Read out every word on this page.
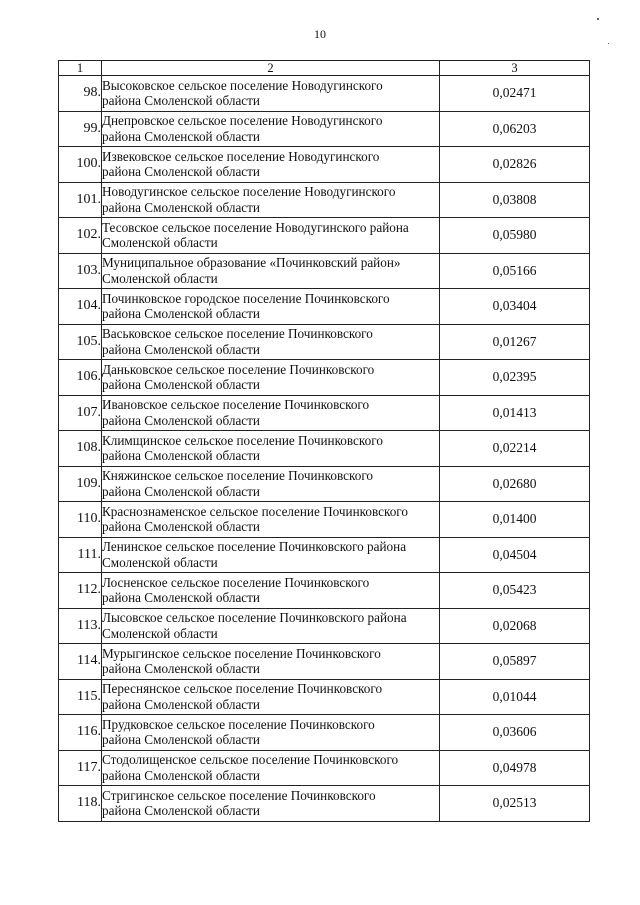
10
1	2	3
98.	Высоковское сельское поселение Новодугинского
района Смоленской области	0,02471
99.	Днепровское сельское поселение Новодугинского
района Смоленской области	0,06203
100.	Извековское сельское поселение Новодугинского
района Смоленской области	0,02826
101.	Новодугинское сельское поселение Новодугинского
района Смоленской области	0,03808
102.	Тесовское сельское поселение Новодугинского района
Смоленской области	0,05980
103.	Муниципальное образование «Починковский район»
Смоленской области	0,05166
104.	Починковское городское поселение Починковского
района Смоленской области	0,03404
105.	Васьковское сельское поселение Починковского
района Смоленской области	0,01267
106.	Даньковское сельское поселение Починковского
района Смоленской области	0,02395
107.	Ивановское сельское поселение Починковского
района Смоленской области	0,01413
108.	Климщинское сельское поселение Починковского
района Смоленской области	0,02214
109.	Княжинское сельское поселение Починковского
района Смоленской области	0,02680
110.	Краснознаменское сельское поселение Починковского
района Смоленской области	0,01400
111.	Ленинское сельское поселение Починковского района
Смоленской области	0,04504
112.	Лосненское сельское поселение Починковского
района Смоленской области	0,05423
113.	Лысовское сельское поселение Починковского района
Смоленской области	0,02068
114.	Мурыгинское сельское поселение Починковского
района Смоленской области	0,05897
115.	Переснянское сельское поселение Починковского
района Смоленской области	0,01044
116.	Прудковское сельское поселение Починковского
района Смоленской области	0,03606
117.	Стодолищенское сельское поселение Починковского
района Смоленской области	0,04978
118.	Стригинское сельское поселение Починковского
района Смоленской области	0,02513
